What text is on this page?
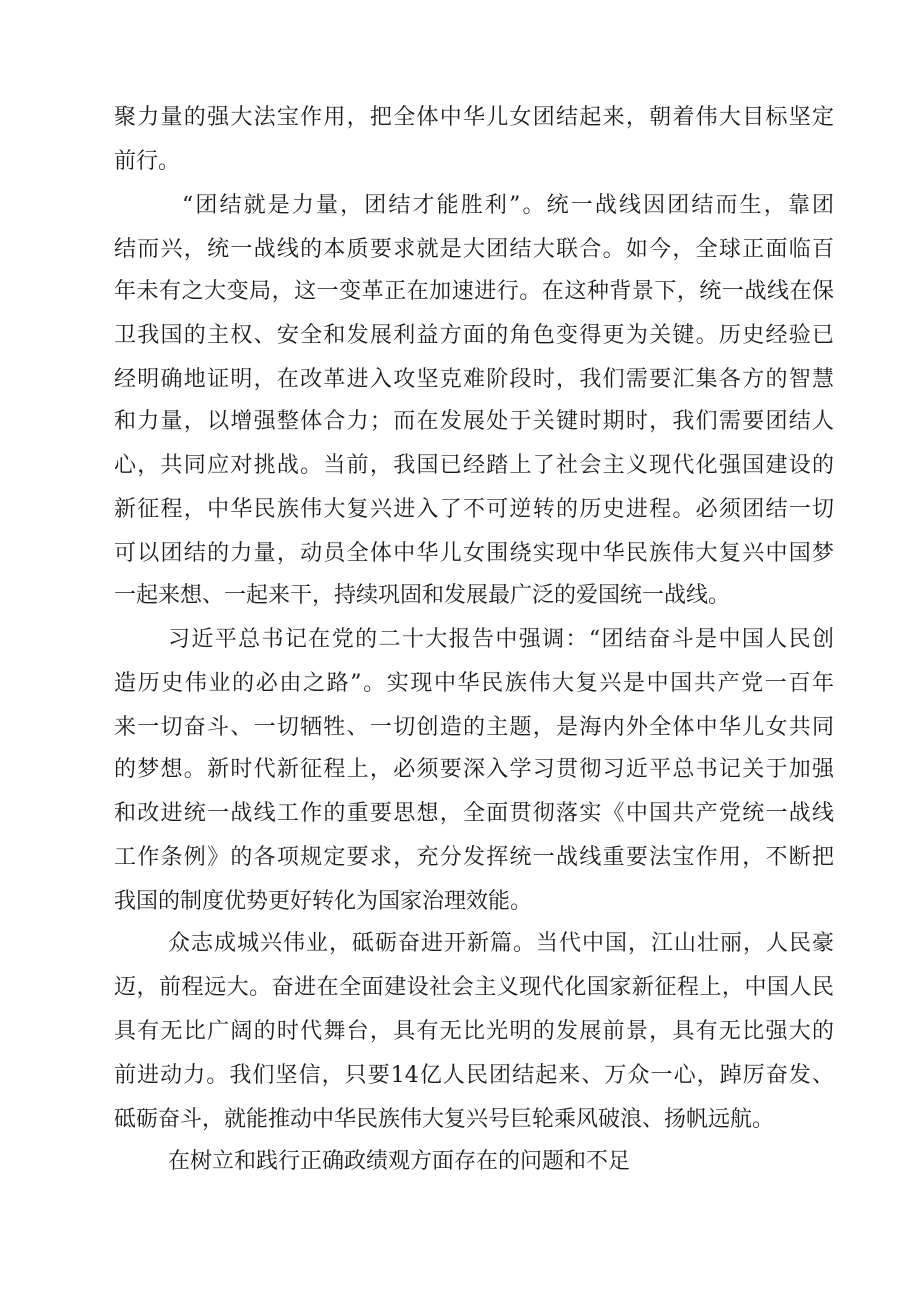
聚力量的强大法宝作用，把全体中华儿女团结起来，朝着伟大目标坚定
前行。
“团结就是力量，团结才能胜利”。统一战线因团结而生，靠团
结而兴，统一战线的本质要求就是大团结大联合。如今，全球正面临百
年未有之大变局，这一变革正在加速进行。在这种背景下，统一战线在保
卫我国的主权、安全和发展利益方面的角色变得更为关键。历史经验已
经明确地证明，在改革进入攻坚克难阶段时，我们需要汇集各方的智慧
和力量，以增强整体合力；而在发展处于关键时期时，我们需要团结人
心，共同应对挑战。当前，我国已经踏上了社会主义现代化强国建设的
新征程，中华民族伟大复兴进入了不可逆转的历史进程。必须团结一切
可以团结的力量，动员全体中华儿女围绕实现中华民族伟大复兴中国梦
一起来想、一起来干，持续巩固和发展最广泛的爱国统一战线。
习近平总书记在党的二十大报告中强调：“团结奋斗是中国人民创
造历史伟业的必由之路”。实现中华民族伟大复兴是中国共产党一百年
来一切奋斗、一切牺牲、一切创造的主题，是海内外全体中华儿女共同
的梦想。新时代新征程上，必须要深入学习贯彻习近平总书记关于加强
和改进统一战线工作的重要思想，全面贯彻落实《中国共产党统一战线
工作条例》的各项规定要求，充分发挥统一战线重要法宝作用，不断把
我国的制度优势更好转化为国家治理效能。
众志成城兴伟业，砥砺奋进开新篇。当代中国，江山壮丽，人民豪
迈，前程远大。奋进在全面建设社会主义现代化国家新征程上，中国人民
具有无比广阔的时代舞台，具有无比光明的发展前景，具有无比强大的
前进动力。我们坚信，只要14亿人民团结起来、万众一心，踔厉奋发、
砥砺奋斗，就能推动中华民族伟大复兴号巨轮乘风破浪、扬帆远航。
在树立和践行正确政绩观方面存在的问题和不足
